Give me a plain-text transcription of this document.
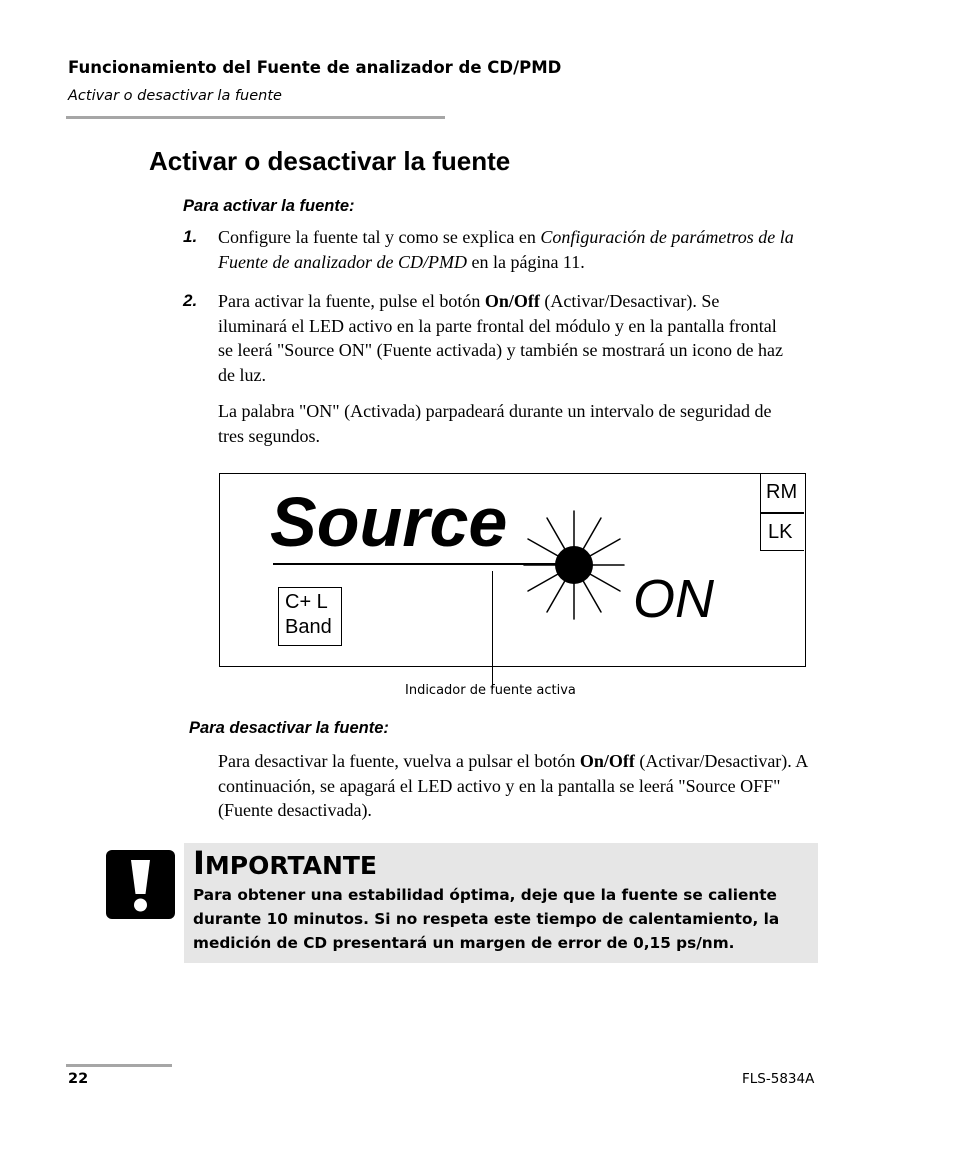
Funcionamiento del Fuente de analizador de CD/PMD
Activar o desactivar la fuente
Activar o desactivar la fuente
Para activar la fuente:
1. Configure la fuente tal y como se explica en Configuración de parámetros de la Fuente de analizador de CD/PMD en la página 11.
2. Para activar la fuente, pulse el botón On/Off (Activar/Desactivar). Se iluminará el LED activo en la parte frontal del módulo y en la pantalla frontal se leerá "Source ON" (Fuente activada) y también se mostrará un icono de haz de luz.
La palabra "ON" (Activada) parpadeará durante un intervalo de seguridad de tres segundos.
Source
ON
RM
LK
C+ L
Band
Indicador de fuente activa
Para desactivar la fuente:
Para desactivar la fuente, vuelva a pulsar el botón On/Off (Activar/Desactivar). A continuación, se apagará el LED activo y en la pantalla se leerá "Source OFF" (Fuente desactivada).
IMPORTANTE
Para obtener una estabilidad óptima, deje que la fuente se caliente durante 10 minutos. Si no respeta este tiempo de calentamiento, la medición de CD presentará un margen de error de 0,15 ps/nm.
22	FLS-5834A
